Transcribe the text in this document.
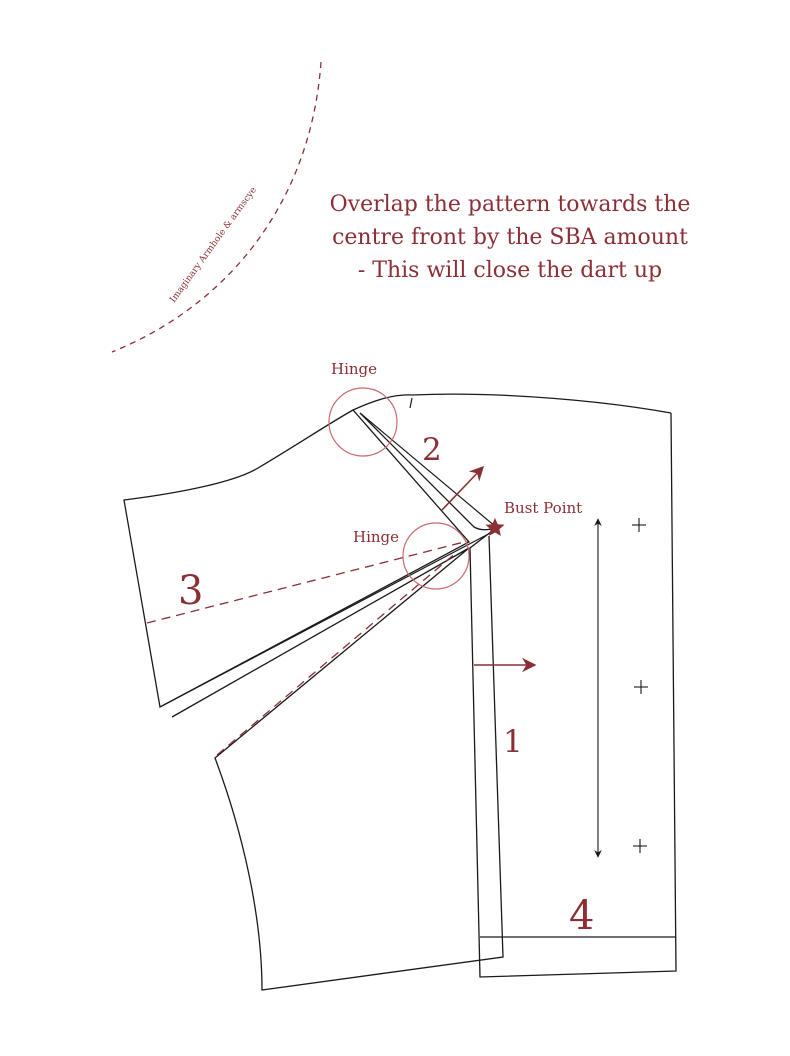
Imaginary Armhole & armscye
Hinge
Hinge
Bust Point
2
3
1
4
Overlap the pattern towards the
centre front by the SBA amount
- This will close the dart up
